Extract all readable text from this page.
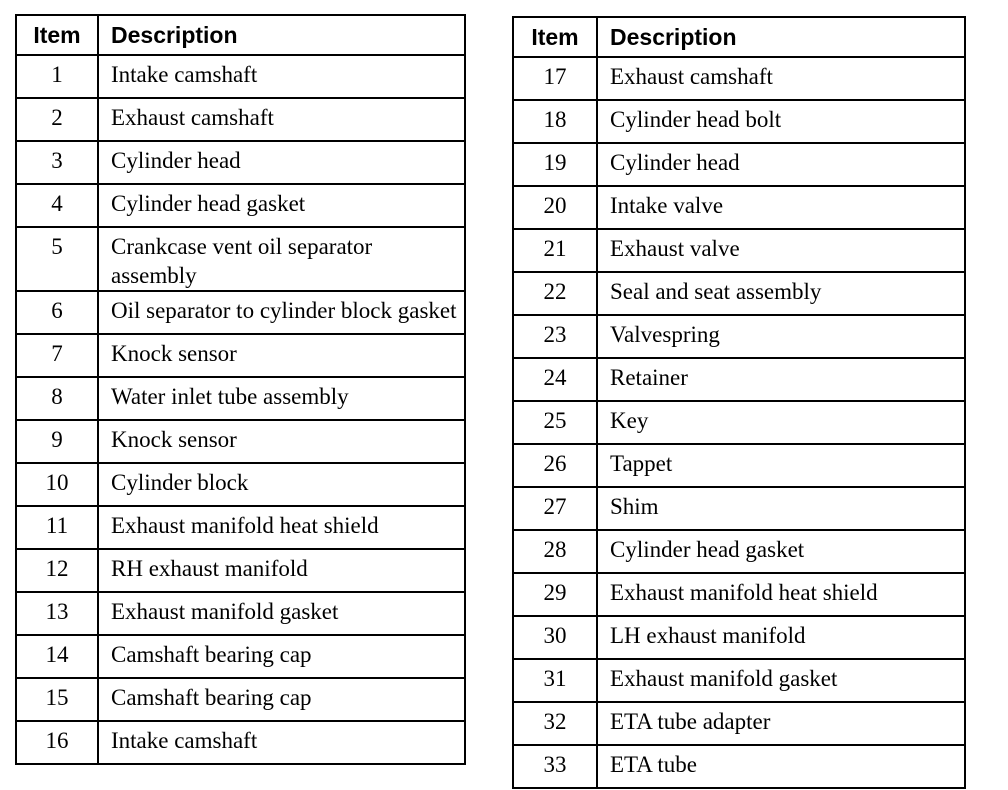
Item	Description
1	Intake camshaft
2	Exhaust camshaft
3	Cylinder head
4	Cylinder head gasket
5	Crankcase vent oil separator assembly
6	Oil separator to cylinder block gasket
7	Knock sensor
8	Water inlet tube assembly
9	Knock sensor
10	Cylinder block
11	Exhaust manifold heat shield
12	RH exhaust manifold
13	Exhaust manifold gasket
14	Camshaft bearing cap
15	Camshaft bearing cap
16	Intake camshaft
Item	Description
17	Exhaust camshaft
18	Cylinder head bolt
19	Cylinder head
20	Intake valve
21	Exhaust valve
22	Seal and seat assembly
23	Valvespring
24	Retainer
25	Key
26	Tappet
27	Shim
28	Cylinder head gasket
29	Exhaust manifold heat shield
30	LH exhaust manifold
31	Exhaust manifold gasket
32	ETA tube adapter
33	ETA tube
